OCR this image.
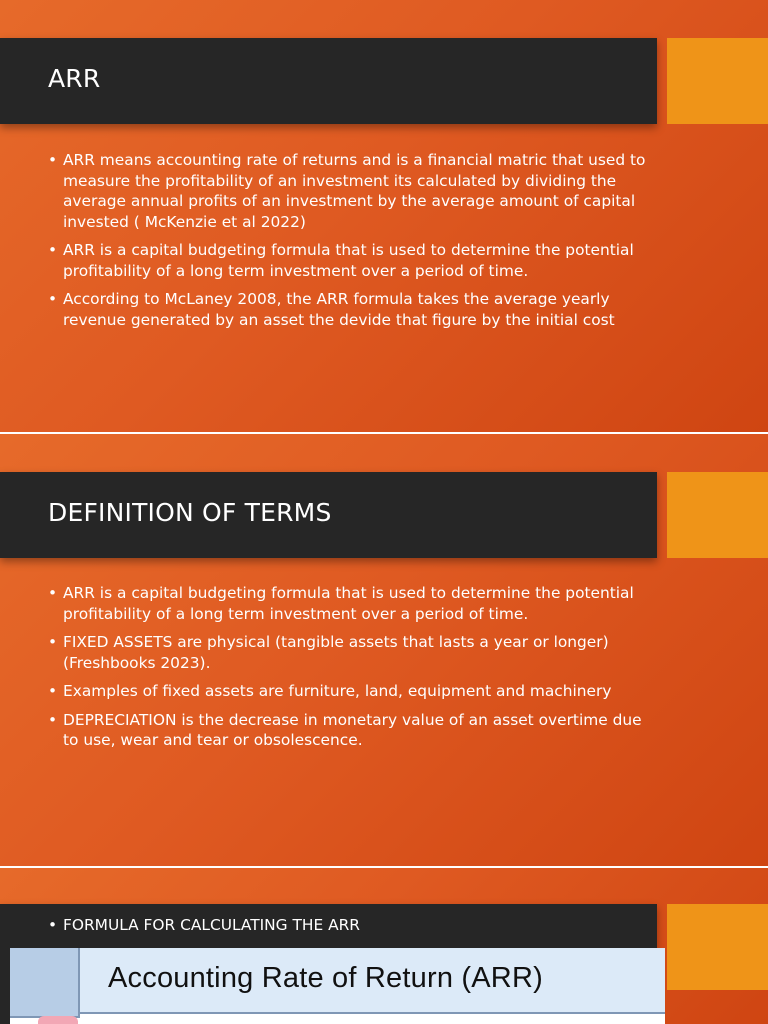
ARR
• ARR means accounting rate of returns and is a financial matric that used to measure the profitability of an investment its calculated by dividing the average annual profits of an investment by the average amount of capital invested ( McKenzie et al 2022)
• ARR is a capital budgeting formula that is used to determine the potential profitability of a long term investment over a period of time.
• According to McLaney 2008, the ARR formula takes the average yearly revenue generated by an asset the devide that figure by the initial cost
DEFINITION OF TERMS
• ARR is a capital budgeting formula that is used to determine the potential profitability of a long term investment over a period of time.
• FIXED ASSETS are physical (tangible assets that lasts a year or longer) (Freshbooks 2023).
• Examples of fixed assets are furniture, land, equipment and machinery
• DEPRECIATION is the decrease in monetary value of an asset overtime due to use, wear and tear or obsolescence.
• FORMULA FOR CALCULATING THE ARR
Accounting Rate of Return (ARR)
